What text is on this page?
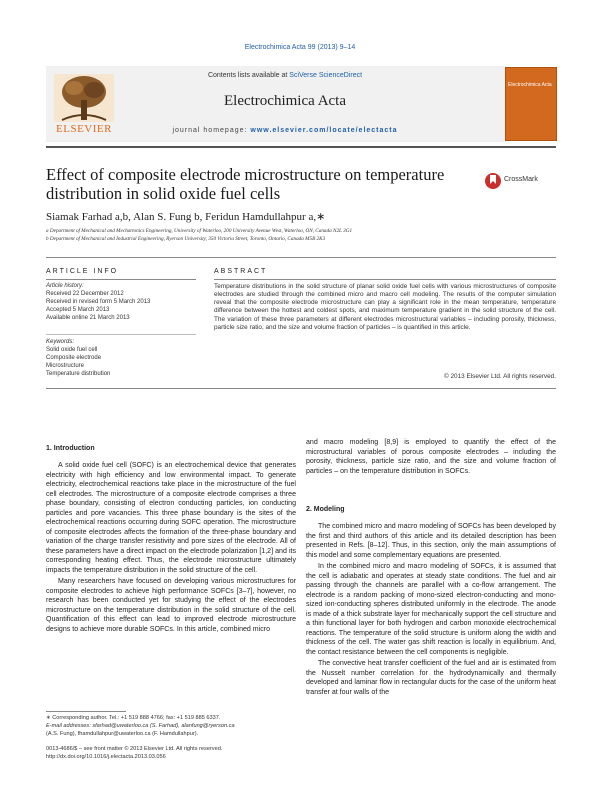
Electrochimica Acta 99 (2013) 9–14
ELSEVIER
Contents lists available at SciVerse ScienceDirect
Electrochimica Acta
journal homepage: www.elsevier.com/locate/electacta
Electrochimica Acta
Effect of composite electrode microstructure on temperature distribution in solid oxide fuel cells
CrossMark
Siamak Farhad a,b, Alan S. Fung b, Feridun Hamdullahpur a,∗
a Department of Mechanical and Mechatronics Engineering, University of Waterloo, 200 University Avenue West, Waterloo, ON, Canada N2L 3G1
b Department of Mechanical and Industrial Engineering, Ryerson University, 350 Victoria Street, Toronto, Ontario, Canada M5B 2K3
ARTICLE INFO
Article history:
Received 22 December 2012
Received in revised form 5 March 2013
Accepted 5 March 2013
Available online 21 March 2013
Keywords:
Solid oxide fuel cell
Composite electrode
Microstructure
Temperature distribution
ABSTRACT
Temperature distributions in the solid structure of planar solid oxide fuel cells with various microstructures of composite electrodes are studied through the combined micro and macro cell modeling. The results of the computer simulation reveal that the composite electrode microstructure can play a significant role in the mean temperature, temperature difference between the hottest and coldest spots, and maximum temperature gradient in the solid structure of the cell. The variation of these three parameters at different electrodes microstructural variables – including porosity, thickness, particle size ratio, and the size and volume fraction of particles – is quantified in this article.
© 2013 Elsevier Ltd. All rights reserved.
1. Introduction

A solid oxide fuel cell (SOFC) is an electrochemical device that generates electricity with high efficiency and low environmental impact. To generate electricity, electrochemical reactions take place in the microstructure of the fuel cell electrodes. The microstructure of a composite electrode comprises a three phase boundary, consisting of electron conducting particles, ion conducting particles and pore vacancies. This three phase boundary is the sites of the electrochemical reactions occurring during SOFC operation. The microstructure of composite electrodes affects the formation of the three-phase boundary and variation of the charge transfer resistivity and pore sizes of the electrode. All of these parameters have a direct impact on the electrode polarization [1,2] and its corresponding heating effect. Thus, the electrode microstructure ultimately impacts the temperature distribution in the solid structure of the cell.

Many researchers have focused on developing various microstructures for composite electrodes to achieve high performance SOFCs [3–7], however, no research has been conducted yet for studying the effect of the electrodes microstructure on the temperature distribution in the solid structure of the cell. Quantification of this effect can lead to improved electrode microstructure designs to achieve more durable SOFCs. In this article, combined micro

and macro modeling [8,9] is employed to quantify the effect of the microstructural variables of porous composite electrodes – including the porosity, thickness, particle size ratio, and the size and volume fraction of particles – on the temperature distribution in SOFCs.

2. Modeling

The combined micro and macro modeling of SOFCs has been developed by the first and third authors of this article and its detailed description has been presented in Refs. [8–12]. Thus, in this section, only the main assumptions of this model and some complementary equations are presented.

In the combined micro and macro modeling of SOFCs, it is assumed that the cell is adiabatic and operates at steady state conditions. The fuel and air passing through the channels are parallel with a co-flow arrangement. The electrode is a random packing of mono-sized electron-conducting and mono-sized ion-conducting spheres distributed uniformly in the electrode. The anode is made of a thick substrate layer for mechanically support the cell structure and a thin functional layer for both hydrogen and carbon monoxide electrochemical reactions. The temperature of the solid structure is uniform along the width and thickness of the cell. The water gas shift reaction is locally in equilibrium. And, the contact resistance between the cell components is negligible.

The convective heat transfer coefficient of the fuel and air is estimated from the Nusselt number correlation for the hydrodynamically and thermally developed and laminar flow in rectangular ducts for the case of the uniform heat transfer at four walls of the

∗ Corresponding author. Tel.: +1 519 888 4766; fax: +1 519 885 6337.
E-mail addresses: sfarhad@uwaterloo.ca (S. Farhad), alanfung@ryerson.ca
(A.S. Fung), fhamdullahpur@uwaterloo.ca (F. Hamdullahpur).
0013-4686/$ – see front matter © 2013 Elsevier Ltd. All rights reserved.
http://dx.doi.org/10.1016/j.electacta.2013.03.056
